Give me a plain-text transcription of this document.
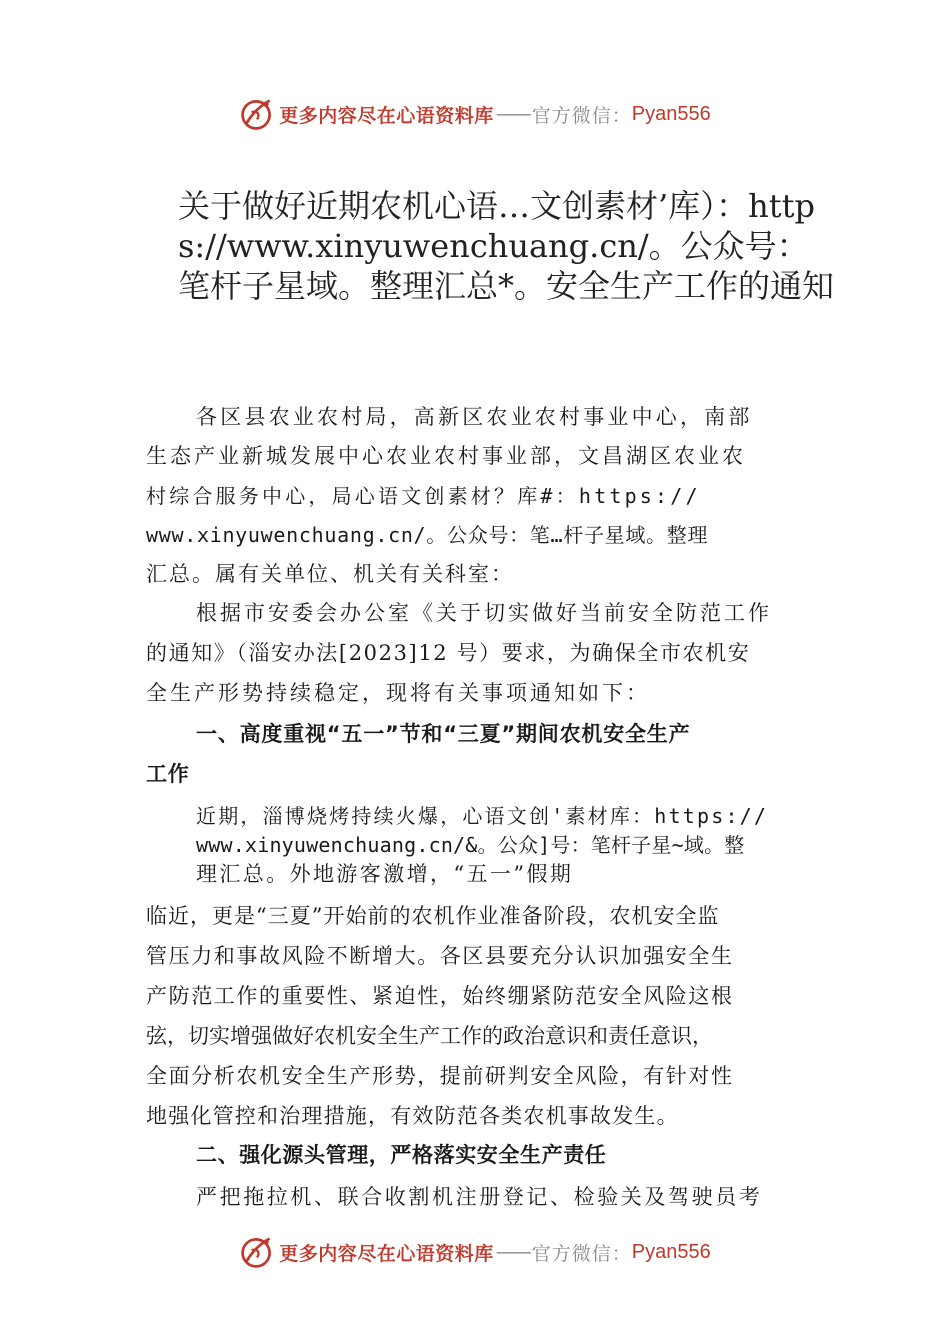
更多内容尽在心语资料库 —— 官方微信： Pyan556
关于做好近期农机心语…文创素材’库）：https://www.xinyuwenchuang.cn/。公众号：笔杆子星域。整理汇总*。安全生产工作的通知
各区县农业农村局，高新区农业农村事业中心，南部
生态产业新城发展中心农业农村事业部，文昌湖区农业农
村综合服务中心，局心语文创素材？库#：https://
www.xinyuwenchuang.cn/。公众号：笔…杆子星域。整理
汇总。属有关单位、机关有关科室：
根据市安委会办公室《关于切实做好当前安全防范工作
的通知》（淄安办法[2023]12 号）要求，为确保全市农机安
全生产形势持续稳定，现将有关事项通知如下：
一、高度重视“五一”节和“三夏”期间农机安全生产
工作
近期，淄博烧烤持续火爆，心语文创'素材库：https://
www.xinyuwenchuang.cn/&。公众]号：笔杆子星~域。整
理汇总。外地游客激增，“五一”假期
临近，更是“三夏”开始前的农机作业准备阶段，农机安全监
管压力和事故风险不断增大。各区县要充分认识加强安全生
产防范工作的重要性、紧迫性，始终绷紧防范安全风险这根
弦，切实增强做好农机安全生产工作的政治意识和责任意识，
全面分析农机安全生产形势，提前研判安全风险，有针对性
地强化管控和治理措施，有效防范各类农机事故发生。
二、强化源头管理，严格落实安全生产责任
严把拖拉机、联合收割机注册登记、检验关及驾驶员考
更多内容尽在心语资料库 —— 官方微信： Pyan556
